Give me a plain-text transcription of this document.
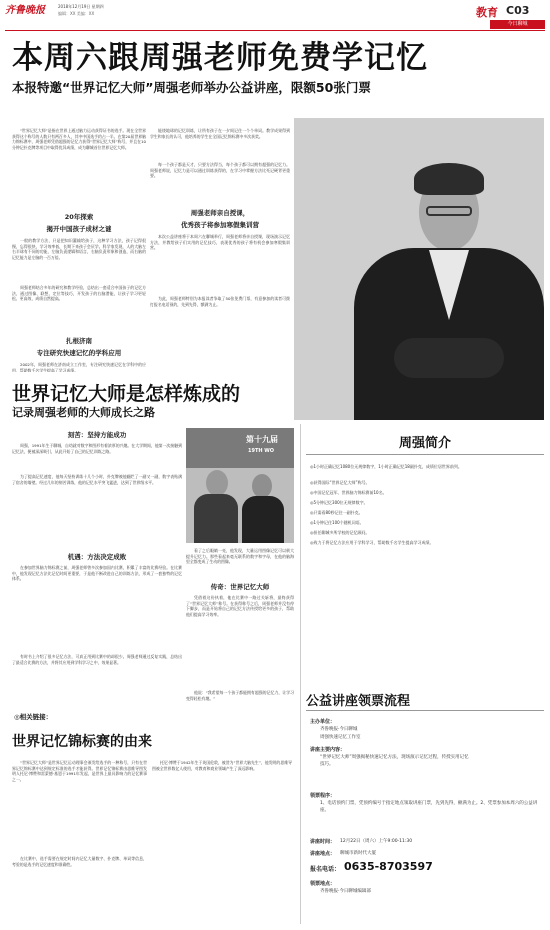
齐鲁晚报	2018年12月19日 星期四
编辑：XX 美编：XX	教育 C03
今日聊城
本周六跟周强老师免费学记忆
本报特邀“世界记忆大师”周强老师举办公益讲座，限额50张门票
“世界记忆大师”是指在世界上通过脑力运动获得证书的选手。现在全世界获得这个称号的人数只有两百多人，其中中国选手约占一半。在第20届世界脑力锦标赛中，周强老师凭借超强的记忆力获得“世界记忆大师”称号，并且在10分钟记扑克牌等项目中取得优异成绩，成为聊城首位世界记忆大师。
20年探索
揭开中国孩子成材之谜
一般的教学方法，只是把知识灌输给孩子，这种学习方法，孩子记得很慢，忘得很快，学习效率低，长期下来孩子会厌学。科学家发现，人的大脑左右半球有不同的功能，左脑负责逻辑和语言，右脑负责形象和创造，而右脑的记忆能力是左脑的一百万倍。
周强老师结合多年的研究和教学经验，总结出一套适合中国孩子的记忆方法，通过图像、联想、定位等技巧，开发孩子的右脑潜能，让孩子学习更轻松、更高效，成绩自然提高。
扎根济南
专注研究快速记忆的学科应用
2002年，周强老师在济南成立工作室，专注研究快速记忆在学科中的应用，帮助数千名学生提高了学习成绩。
能绕地球的记忆训练，让所有孩子在一夕间记住一个个单词。教学成果得到学生和家长的认可，他培养的学生在全国记忆锦标赛中多次获奖。
每一个孩子都是天才，只要方法得当，每个孩子都可以拥有超强的记忆力。周强老师说，记忆力是可以通过训练获得的，在学习中掌握方法比死记硬背更重要。
周强老师亲自授课，
优秀孩子将参加寒假集训营
本次公益讲座将于本周六在聊城举行，周强老师将亲自授课，现场演示记忆方法，并教给孩子们实用的记忆技巧，表现优秀的孩子将有机会参加寒假集训营。
为此，周强老师特别为本报读者争取了50张免费门票，有意参加的读者可拨打报名电话预约，先到先得，额满为止。
世界记忆大师是怎样炼成的
记录周强老师的大师成长之路
刻苦：坚持方能成功
周强，1991年生于聊城，自幼就对数字和图形有着浓厚的兴趣。在大学期间，他第一次接触到记忆法，便被深深吸引，从此开始了自己的记忆训练之路。
为了提高记忆速度，他每天坚持训练十几个小时，扑克牌被他翻烂了一副又一副，数字表贴满了宿舍的墙壁。经过几年的刻苦训练，他的记忆水平突飞猛进，达到了世界级水平。
机遇：方法决定成败
在参加世界脑力锦标赛之前，周强老师曾多次参加国内比赛，积累了丰富的比赛经验。在比赛中，他发现记忆方法比记忆时间更重要，于是他不断改进自己的训练方法，形成了一套独特的记忆体系。
有时书上介绍了很多记忆方法，可真正用到比赛中的却很少。周强老师通过反复实践，总结出了最适合比赛的方法，并将其应用到学科学习之中，效果显著。
第十九届
19TH WO
看了之后眼睛一亮，他发现，大量运用图像记忆可以极大提升记忆力。那些看起来毫无联系的数字和字母，在他的脑海里全都变成了生动的图像。
传奇：世界记忆大师
凭借着这份执着，他在比赛中一路过关斩将，最终获得了“世界记忆大师”称号。在获得称号之后，周强老师并没有停下脚步，而是开始将自己的记忆方法传授给更多的孩子，帮助他们提高学习效率。
他说：“我希望每一个孩子都能拥有超强的记忆力，让学习变得轻松有趣。”
◎相关链接：
世界记忆锦标赛的由来
“世界记忆大师”是世界记忆运动理事会颁发给选手的一种称号，只有在世界记忆锦标赛中达到规定标准的选手才能获得。世界记忆锦标赛由思维导图发明人托尼·博赞和雷蒙德·基恩于1991年发起，是世界上最具影响力的记忆赛事之一。
在比赛中，选手需要在规定时间内记忆大量数字、扑克牌、单词等信息，考验的是选手的记忆速度和准确性。
托尼·博赞于1942年生于英国伦敦，被誉为“世界大脑先生”，他发明的思维导图被全世界数亿人使用，对教育和商业领域产生了深远影响。
周强简介
◎1小时正确记忆1080位无规律数字，1小时正确记忆18副扑克，成绩位居世界前列。
◎获得国际“世界记忆大师”称号。
◎中国记忆冠军、世界脑力锦标赛前10名。
◎5分钟记忆300位无规律数字。
◎只需看80秒记住一副扑克。
◎1分钟记住100个随机词语。
◎担任聊城多所学校的记忆顾问。
◎致力于将记忆方法应用于学科学习，帮助数千名学生提高学习成绩。
公益讲座领票流程
主办单位：
齐鲁晚报·今日聊城
周强快速记忆工作室
讲座主要内容：
“世界记忆大师”周强揭秘快速记忆方法，现场演示记忆过程，传授实用记忆技巧。
领票程序：
1、电话预约门票，凭预约编号于指定地点领取讲座门票，先到先得，额满为止。2、凭票参加本周六的公益讲座。
讲座时间： 12月22日（周六）上午9:00-11:30
讲座地点： 聊城市新时代大厦
报名电话： 0635-8703597
领票地点：
齐鲁晚报·今日聊城编辑部
